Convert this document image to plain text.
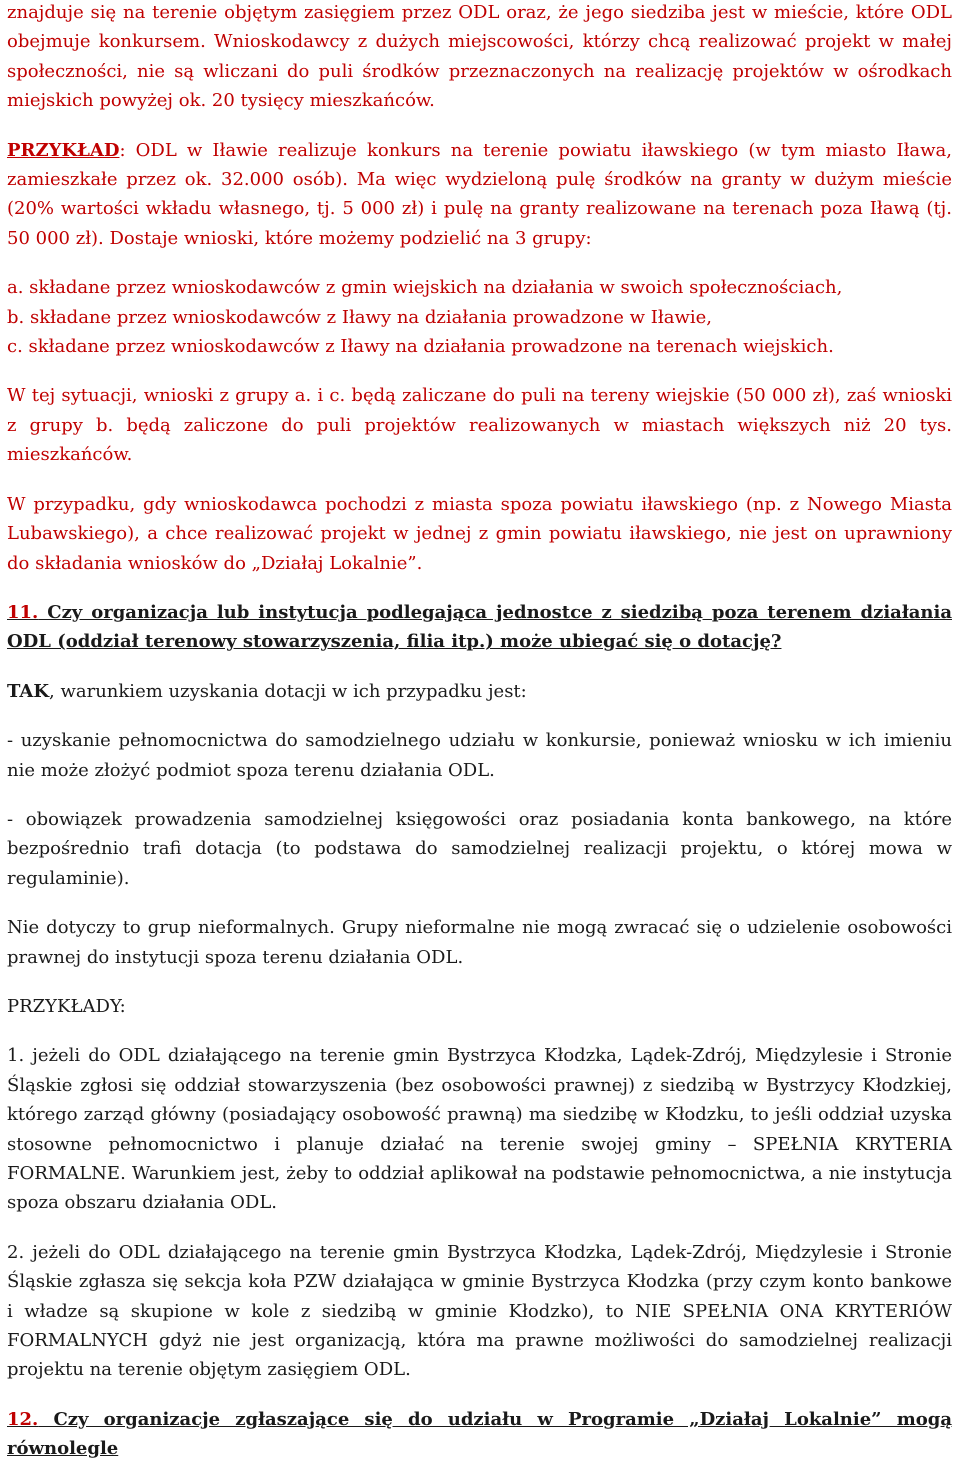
znajduje się na terenie objętym zasięgiem przez ODL oraz, że jego siedziba jest w mieście, które ODL obejmuje konkursem. Wnioskodawcy z dużych miejscowości, którzy chcą realizować projekt w małej społeczności, nie są wliczani do puli środków przeznaczonych na realizację projektów w ośrodkach miejskich powyżej ok. 20 tysięcy mieszkańców.

PRZYKŁAD: ODL w Iławie realizuje konkurs na terenie powiatu iławskiego (w tym miasto Iława, zamieszkałe przez ok. 32.000 osób). Ma więc wydzieloną pulę środków na granty w dużym mieście (20% wartości wkładu własnego, tj. 5 000 zł) i pulę na granty realizowane na terenach poza Iławą (tj. 50 000 zł). Dostaje wnioski, które możemy podzielić na 3 grupy:

a. składane przez wnioskodawców z gmin wiejskich na działania w swoich społecznościach,

b. składane przez wnioskodawców z Iławy na działania prowadzone w Iławie,

c. składane przez wnioskodawców z Iławy na działania prowadzone na terenach wiejskich.

W tej sytuacji, wnioski z grupy a. i c. będą zaliczane do puli na tereny wiejskie (50 000 zł), zaś wnioski z grupy b. będą zaliczone do puli projektów realizowanych w miastach większych niż 20 tys. mieszkańców.

W przypadku, gdy wnioskodawca pochodzi z miasta spoza powiatu iławskiego (np. z Nowego Miasta Lubawskiego), a chce realizować projekt w jednej z gmin powiatu iławskiego, nie jest on uprawniony do składania wniosków do „Działaj Lokalnie”.

11. Czy organizacja lub instytucja podlegająca jednostce z siedzibą poza terenem działania ODL (oddział terenowy stowarzyszenia, filia itp.) może ubiegać się o dotację?

TAK, warunkiem uzyskania dotacji w ich przypadku jest:

- uzyskanie pełnomocnictwa do samodzielnego udziału w konkursie, ponieważ wniosku w ich imieniu nie może złożyć podmiot spoza terenu działania ODL.

- obowiązek prowadzenia samodzielnej księgowości oraz posiadania konta bankowego, na które bezpośrednio trafi dotacja (to podstawa do samodzielnej realizacji projektu, o której mowa w regulaminie).

Nie dotyczy to grup nieformalnych. Grupy nieformalne nie mogą zwracać się o udzielenie osobowości prawnej do instytucji spoza terenu działania ODL.

PRZYKŁADY:

1. jeżeli do ODL działającego na terenie gmin Bystrzyca Kłodzka, Lądek-Zdrój, Międzylesie i Stronie Śląskie zgłosi się oddział stowarzyszenia (bez osobowości prawnej) z siedzibą w Bystrzycy Kłodzkiej, którego zarząd główny (posiadający osobowość prawną) ma siedzibę w Kłodzku, to jeśli oddział uzyska stosowne pełnomocnictwo i planuje działać na terenie swojej gminy – SPEŁNIA KRYTERIA FORMALNE. Warunkiem jest, żeby to oddział aplikował na podstawie pełnomocnictwa, a nie instytucja spoza obszaru działania ODL.

2. jeżeli do ODL działającego na terenie gmin Bystrzyca Kłodzka, Lądek-Zdrój, Międzylesie i Stronie Śląskie zgłasza się sekcja koła PZW działająca w gminie Bystrzyca Kłodzka (przy czym konto bankowe i władze są skupione w kole z siedzibą w gminie Kłodzko), to NIE SPEŁNIA ONA KRYTERIÓW FORMALNYCH gdyż nie jest organizacją, która ma prawne możliwości do samodzielnej realizacji projektu na terenie objętym zasięgiem ODL.

12. Czy organizacje zgłaszające się do udziału w Programie „Działaj Lokalnie” mogą równolegle
